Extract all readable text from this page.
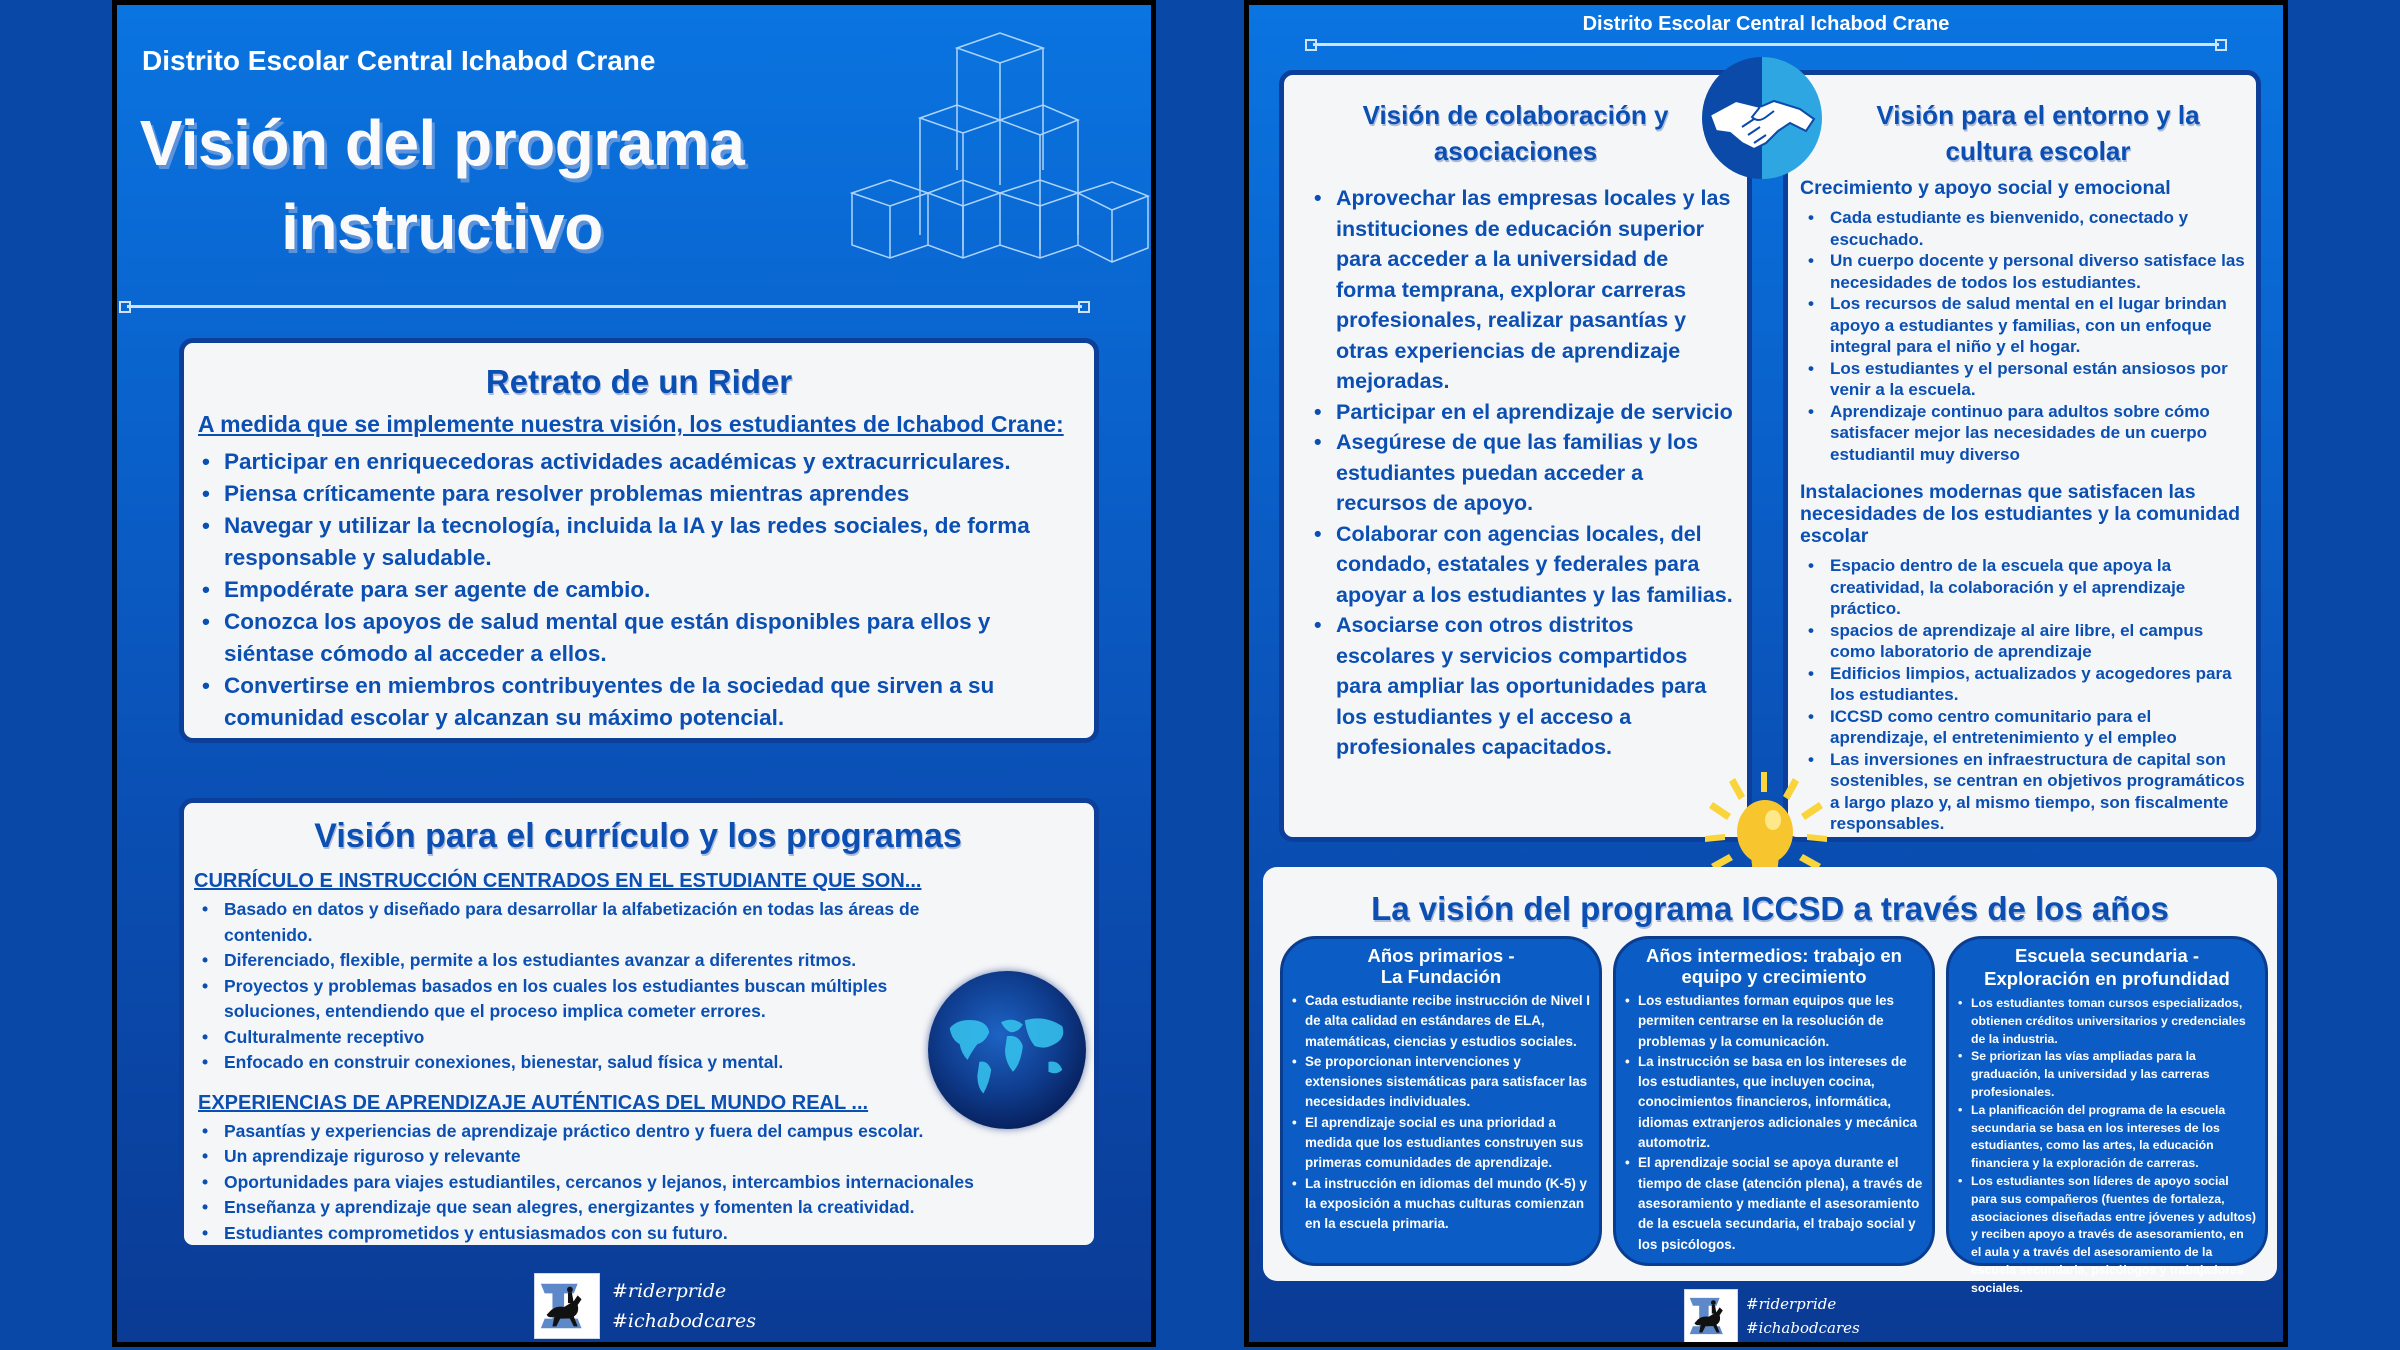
Distrito Escolar Central Ichabod Crane
Visión del programa
instructivo
Retrato de un Rider
A medida que se implemente nuestra visión, los estudiantes de Ichabod Crane:
• Participar en enriquecedoras actividades académicas y extracurriculares.
• Piensa críticamente para resolver problemas mientras aprendes
• Navegar y utilizar la tecnología, incluida la IA y las redes sociales, de forma responsable y saludable.
• Empodérate para ser agente de cambio.
• Conozca los apoyos de salud mental que están disponibles para ellos y siéntase cómodo al acceder a ellos.
• Convertirse en miembros contribuyentes de la sociedad que sirven a su comunidad escolar y alcanzan su máximo potencial.
Visión para el currículo y los programas
CURRÍCULO E INSTRUCCIÓN CENTRADOS EN EL ESTUDIANTE QUE SON...
• Basado en datos y diseñado para desarrollar la alfabetización en todas las áreas de contenido.
• Diferenciado, flexible, permite a los estudiantes avanzar a diferentes ritmos.
• Proyectos y problemas basados en los cuales los estudiantes buscan múltiples soluciones, entendiendo que el proceso implica cometer errores.
• Culturalmente receptivo
• Enfocado en construir conexiones, bienestar, salud física y mental.
EXPERIENCIAS DE APRENDIZAJE AUTÉNTICAS DEL MUNDO REAL ...
• Pasantías y experiencias de aprendizaje práctico dentro y fuera del campus escolar.
• Un aprendizaje riguroso y relevante
• Oportunidades para viajes estudiantiles, cercanos y lejanos, intercambios internacionales
• Enseñanza y aprendizaje que sean alegres, energizantes y fomenten la creatividad.
• Estudiantes comprometidos y entusiasmados con su futuro.
#riderpride
#ichabodcares
Distrito Escolar Central Ichabod Crane
Visión de colaboración y
asociaciones
• Aprovechar las empresas locales y las instituciones de educación superior para acceder a la universidad de forma temprana, explorar carreras profesionales, realizar pasantías y otras experiencias de aprendizaje mejoradas.
• Participar en el aprendizaje de servicio
• Asegúrese de que las familias y los estudiantes puedan acceder a recursos de apoyo.
• Colaborar con agencias locales, del condado, estatales y federales para apoyar a los estudiantes y las familias.
• Asociarse con otros distritos escolares y servicios compartidos para ampliar las oportunidades para los estudiantes y el acceso a profesionales capacitados.
Visión para el entorno y la
cultura escolar
Crecimiento y apoyo social y emocional
• Cada estudiante es bienvenido, conectado y escuchado.
• Un cuerpo docente y personal diverso satisface las necesidades de todos los estudiantes.
• Los recursos de salud mental en el lugar brindan apoyo a estudiantes y familias, con un enfoque integral para el niño y el hogar.
• Los estudiantes y el personal están ansiosos por venir a la escuela.
• Aprendizaje continuo para adultos sobre cómo satisfacer mejor las necesidades de un cuerpo estudiantil muy diverso
Instalaciones modernas que satisfacen las necesidades de los estudiantes y la comunidad escolar
• Espacio dentro de la escuela que apoya la creatividad, la colaboración y el aprendizaje práctico.
• spacios de aprendizaje al aire libre, el campus como laboratorio de aprendizaje
• Edificios limpios, actualizados y acogedores para los estudiantes.
• ICCSD como centro comunitario para el aprendizaje, el entretenimiento y el empleo
• Las inversiones en infraestructura de capital son sostenibles, se centran en objetivos programáticos a largo plazo y, al mismo tiempo, son fiscalmente responsables.
La visión del programa ICCSD a través de los años
Años primarios -
La Fundación
• Cada estudiante recibe instrucción de Nivel I de alta calidad en estándares de ELA, matemáticas, ciencias y estudios sociales.
• Se proporcionan intervenciones y extensiones sistemáticas para satisfacer las necesidades individuales.
• El aprendizaje social es una prioridad a medida que los estudiantes construyen sus primeras comunidades de aprendizaje.
• La instrucción en idiomas del mundo (K-5) y la exposición a muchas culturas comienzan en la escuela primaria.
Años intermedios: trabajo en
equipo y crecimiento
• Los estudiantes forman equipos que les permiten centrarse en la resolución de problemas y la comunicación.
• La instrucción se basa en los intereses de los estudiantes, que incluyen cocina, conocimientos financieros, informática, idiomas extranjeros adicionales y mecánica automotriz.
• El aprendizaje social se apoya durante el tiempo de clase (atención plena), a través de asesoramiento y mediante el asesoramiento de la escuela secundaria, el trabajo social y los psicólogos.
Escuela secundaria -
Exploración en profundidad
• Los estudiantes toman cursos especializados, obtienen créditos universitarios y credenciales de la industria.
• Se priorizan las vías ampliadas para la graduación, la universidad y las carreras profesionales.
• La planificación del programa de la escuela secundaria se basa en los intereses de los estudiantes, como las artes, la educación financiera y la exploración de carreras.
• Los estudiantes son líderes de apoyo social para sus compañeros (fuentes de fortaleza, asociaciones diseñadas entre jóvenes y adultos) y reciben apoyo a través de asesoramiento, en el aula y a través del asesoramiento de la escuela secundaria, psicólogos y trabajadores sociales.
#riderpride
#ichabodcares
